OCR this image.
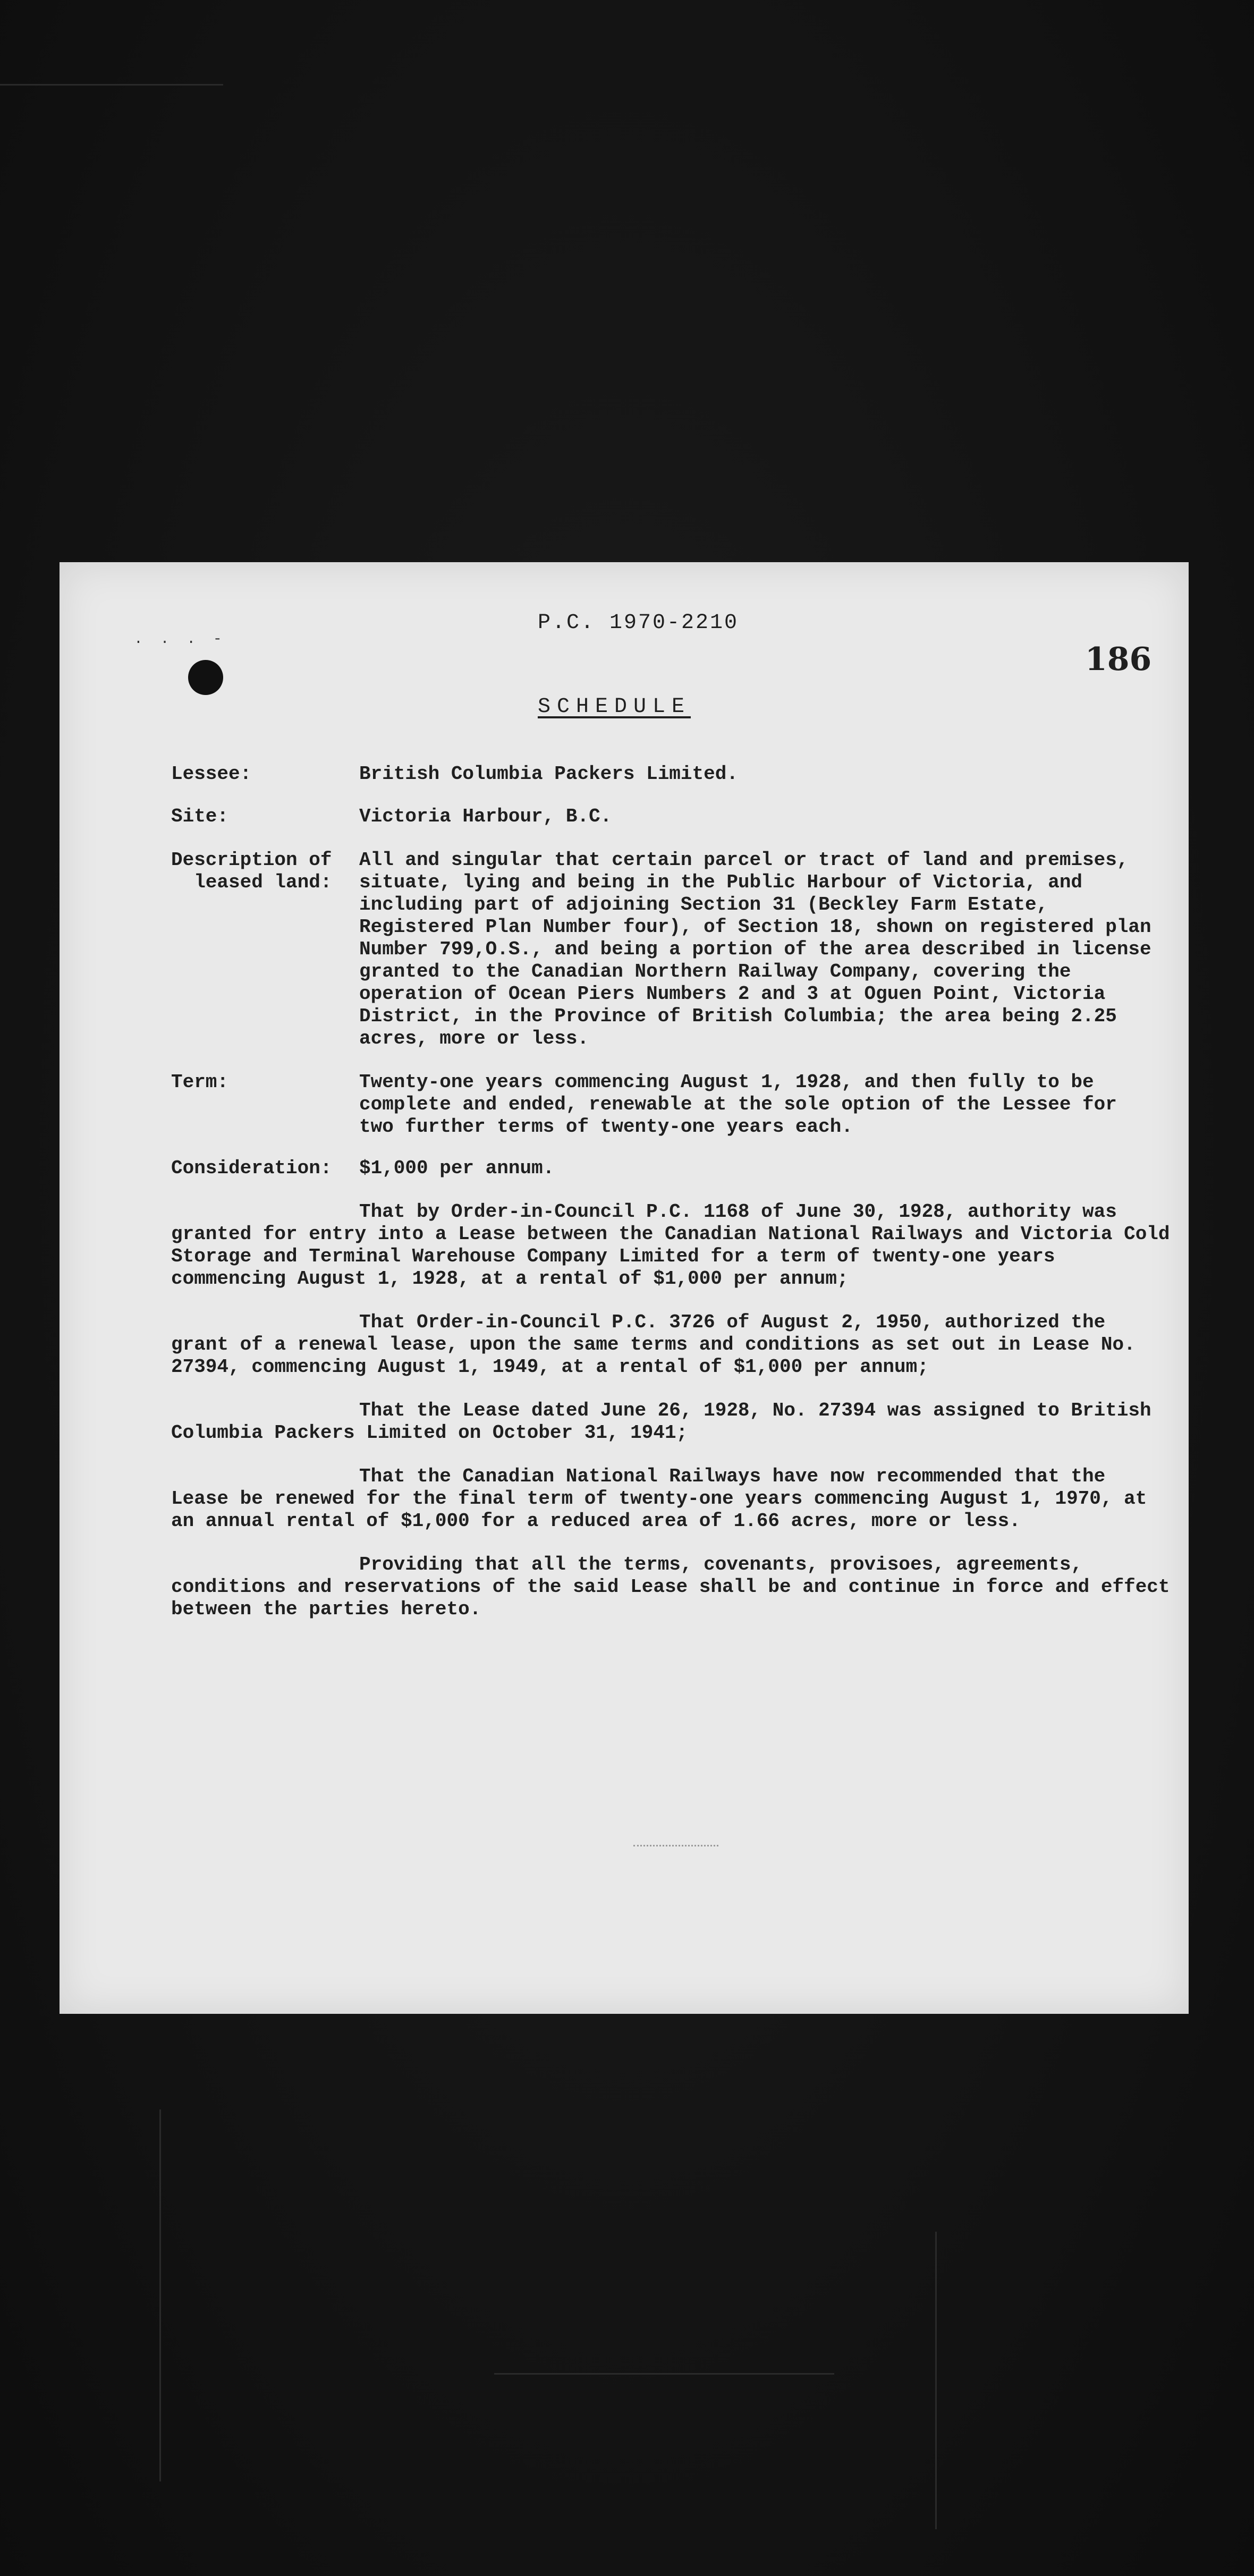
. . . -
P.C. 1970-2210
186
SCHEDULE
Lessee:	British Columbia Packers Limited.
Site:	Victoria Harbour, B.C.
Description of
leased land:
All and singular that certain parcel or tract of land and premises, situate, lying and being in the Public Harbour of Victoria, and including part of adjoining Section 31 (Beckley Farm Estate, Registered Plan Number four), of Section 18, shown on registered plan Number 799,O.S., and being a portion of the area described in license granted to the Canadian Northern Railway Company, covering the operation of Ocean Piers Numbers 2 and 3 at Oguen Point, Victoria District, in the Province of British Columbia; the area being 2.25 acres, more or less.
Term:	Twenty-one years commencing August 1, 1928, and then fully to be complete and ended, renewable at the sole option of the Lessee for two further terms of twenty-one years each.
Consideration: $1,000 per annum.
That by Order-in-Council P.C. 1168 of June 30, 1928, authority was granted for entry into a Lease between the Canadian National Railways and Victoria Cold Storage and Terminal Warehouse Company Limited for a term of twenty-one years commencing August 1, 1928, at a rental of $1,000 per annum;
That Order-in-Council P.C. 3726 of August 2, 1950, authorized the grant of a renewal lease, upon the same terms and conditions as set out in Lease No. 27394, commencing August 1, 1949, at a rental of $1,000 per annum;
That the Lease dated June 26, 1928, No. 27394 was assigned to British Columbia Packers Limited on October 31, 1941;
That the Canadian National Railways have now recommended that the Lease be renewed for the final term of twenty-one years commencing August 1, 1970, at an annual rental of $1,000 for a reduced area of 1.66 acres, more or less.
Providing that all the terms, covenants, provisoes, agreements, conditions and reservations of the said Lease shall be and continue in force and effect between the parties hereto.
